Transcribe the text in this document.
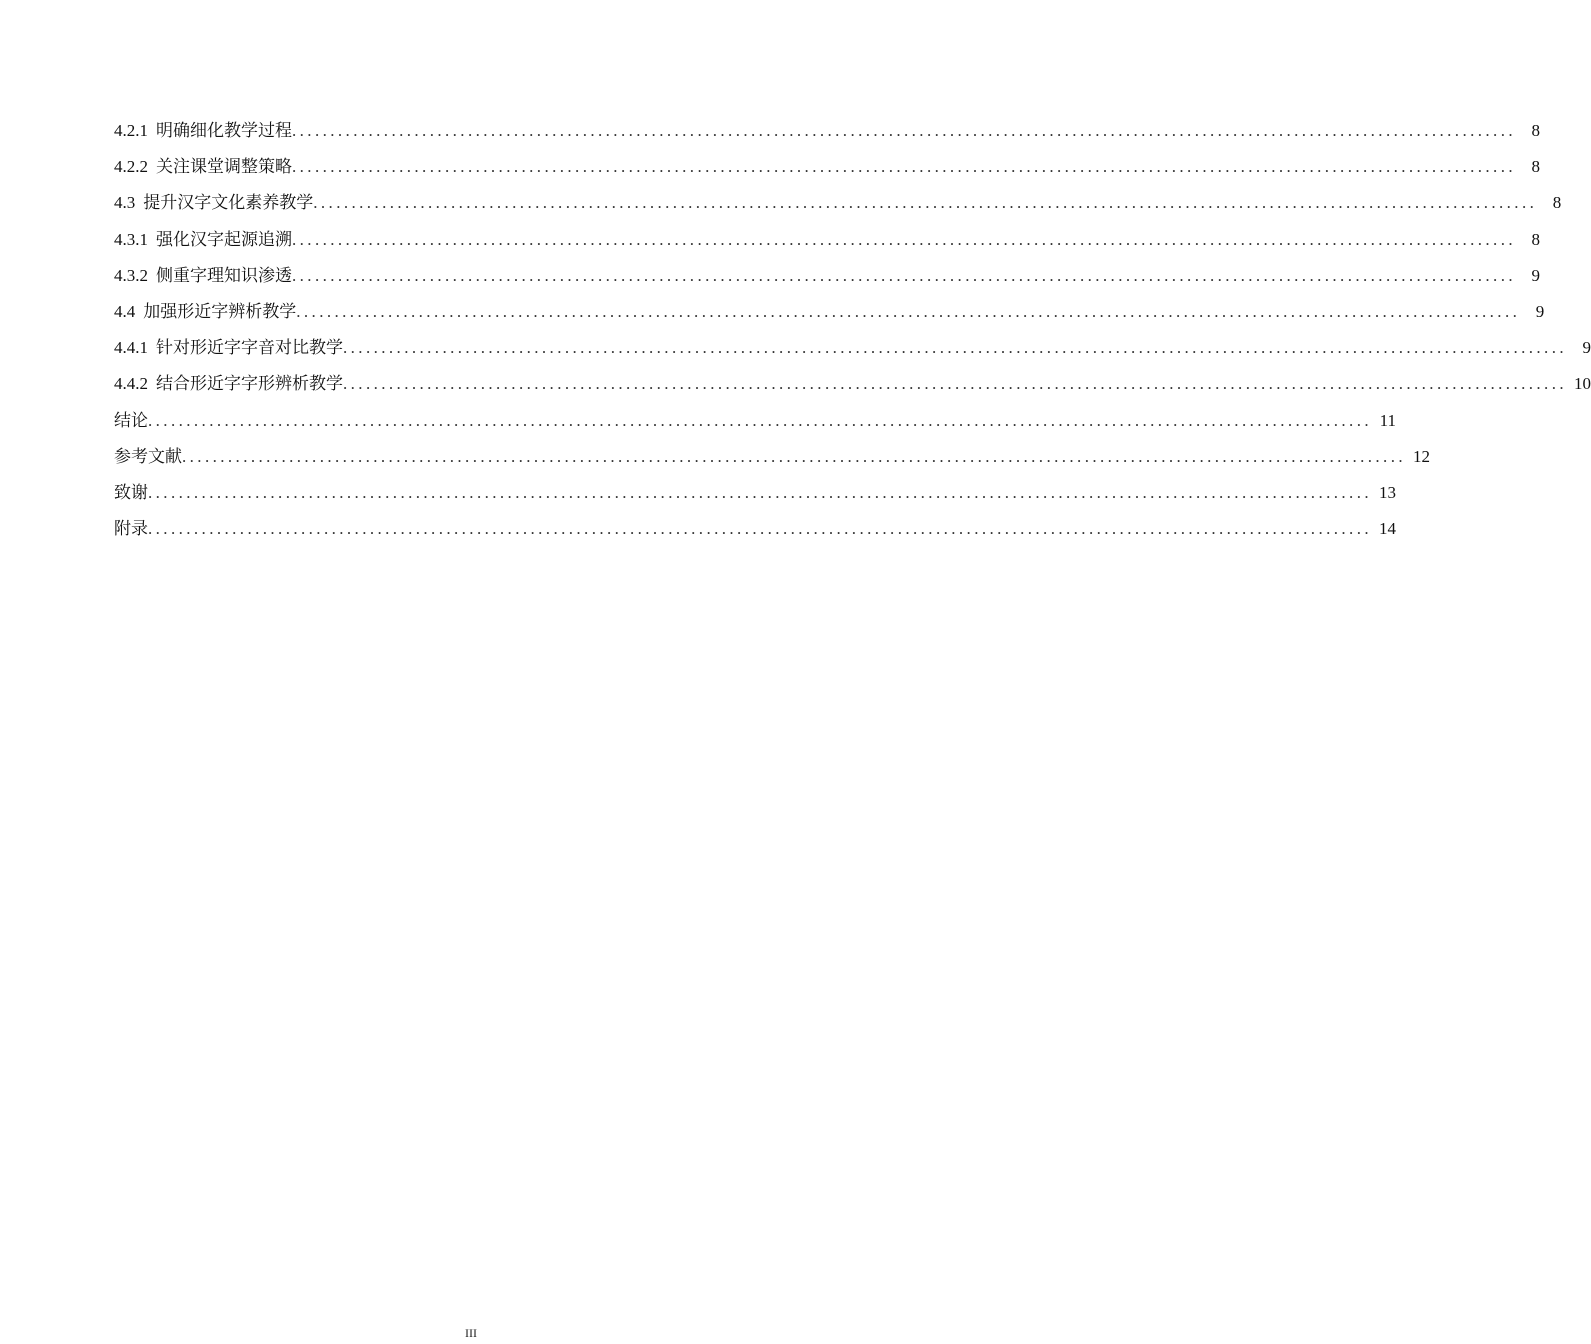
4.2.1 明确细化教学过程 ................................................................................................................................................................ 8
4.2.2 关注课堂调整策略 ................................................................................................................................................................ 8
4.3 提升汉字文化素养教学 ................................................................................................................................................................ 8
4.3.1 强化汉字起源追溯 ................................................................................................................................................................ 8
4.3.2 侧重字理知识渗透 ................................................................................................................................................................ 9
4.4 加强形近字辨析教学 ................................................................................................................................................................ 9
4.4.1 针对形近字字音对比教学 ................................................................................................................................................................ 9
4.4.2 结合形近字字形辨析教学 ................................................................................................................................................................ 10
结论 ................................................................................................................................................................ 11
参考文献 ................................................................................................................................................................ 12
致谢 ................................................................................................................................................................ 13
附录 ................................................................................................................................................................ 14
III
